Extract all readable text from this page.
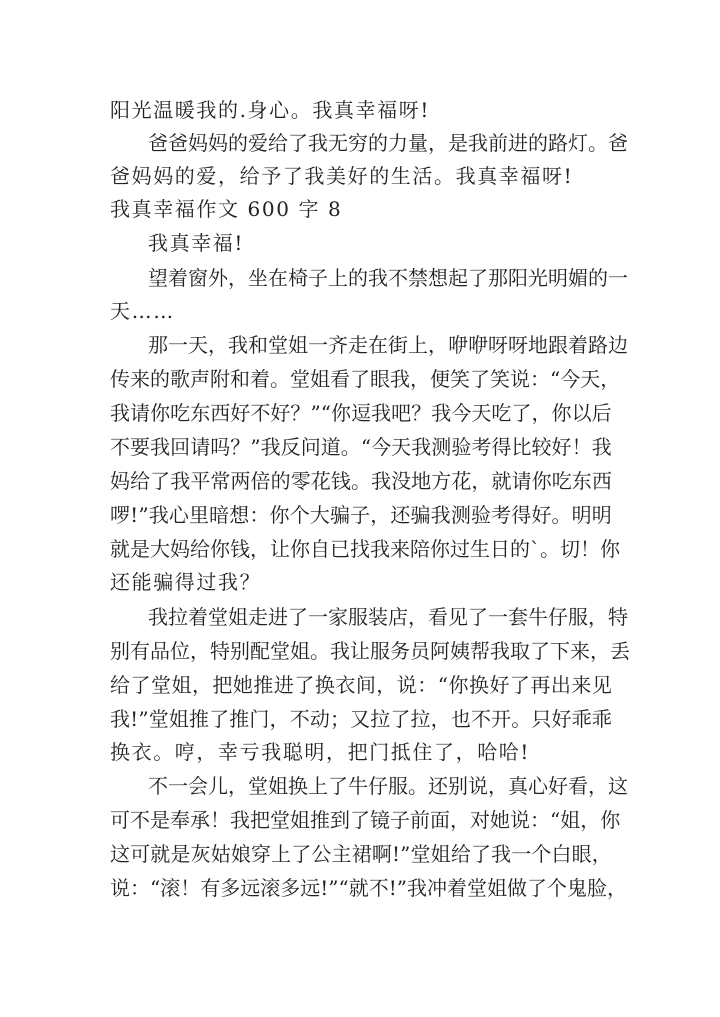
阳光温暖我的.身心。我真幸福呀!
爸 爸 妈 妈 的 爱 给 了 我 无 穷 的 力 量 ， 是 我 前 进 的 路 灯 。 爸
爸妈妈的爱，给予了我美好的生活。我真幸福呀!
我真幸福作文 600 字 8
我真幸福!
望 着 窗 外 ， 坐 在 椅 子 上 的 我 不 禁 想 起 了 那 阳 光 明 媚 的 一
天……
那 一 天 ， 我 和 堂 姐 一 齐 走 在 街 上 ， 咿 咿 呀 呀 地 跟 着 路 边
传 来 的 歌 声 附 和 着 。 堂 姐 看 了 眼 我 ， 便 笑 了 笑 说 ： “ 今 天 ，
我 请 你 吃 东 西 好 不 好 ？ ” “ 你 逗 我 吧 ？ 我 今 天 吃 了 ， 你 以 后
不 要 我 回 请 吗 ？ ” 我 反 问 道 。 “ 今 天 我 测 验 考 得 比 较 好 ！ 我
妈 给 了 我 平 常 两 倍 的 零 花 钱 。 我 没 地 方 花 ， 就 请 你 吃 东 西
啰 ! ” 我 心 里 暗 想 ： 你 个 大 骗 子 ， 还 骗 我 测 验 考 得 好 。 明 明
就 是 大 妈 给 你 钱 ， 让 你 自 已 找 我 来 陪 你 过 生 日 的 ` 。 切 ！ 你
还能骗得过我？
我 拉 着 堂 姐 走 进 了 一 家 服 装 店 ， 看 见 了 一 套 牛 仔 服 ， 特
别 有 品 位 ， 特 别 配 堂 姐 。 我 让 服 务 员 阿 姨 帮 我 取 了 下 来 ， 丢
给 了 堂 姐 ， 把 她 推 进 了 换 衣 间 ， 说 ： “ 你 换 好 了 再 出 来 见
我 ! ” 堂 姐 推 了 推 门 ， 不 动 ； 又 拉 了 拉 ， 也 不 开 。 只 好 乖 乖
换衣。哼，幸亏我聪明，把门抵住了，哈哈!
不 一 会 儿 ， 堂 姐 换 上 了 牛 仔 服 。 还 别 说 ， 真 心 好 看 ， 这
可 不 是 奉 承 ！ 我 把 堂 姐 推 到 了 镜 子 前 面 ， 对 她 说 ： “ 姐 ， 你
这 可 就 是 灰 姑 娘 穿 上 了 公 主 裙 啊 ! ” 堂 姐 给 了 我 一 个 白 眼 ，
说 ： “ 滚 ！ 有 多 远 滚 多 远 ! ” “ 就 不 ! ” 我 冲 着 堂 姐 做 了 个 鬼 脸 ，
